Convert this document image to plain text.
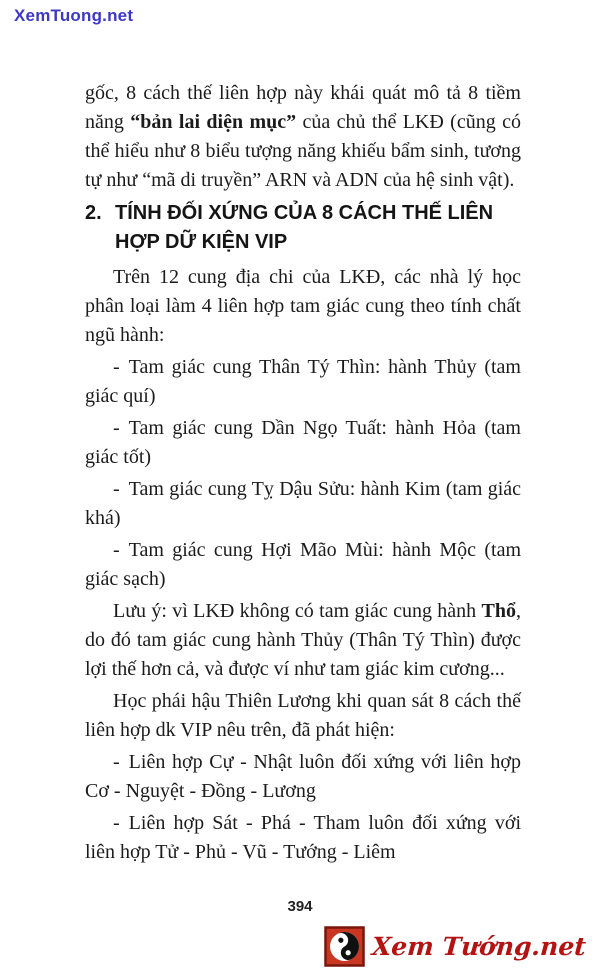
XemTuong.net

gốc, 8 cách thế liên hợp này khái quát mô tả 8 tiềm năng “bản lai diện mục” của chủ thể LKĐ (cũng có thể hiểu như 8 biểu tượng năng khiếu bẩm sinh, tương tự như “mã di truyền” ARN và ADN của hệ sinh vật).

2. TÍNH ĐỐI XỨNG CỦA 8 CÁCH THẾ LIÊN HỢP DỮ KIỆN VIP

Trên 12 cung địa chi của LKĐ, các nhà lý học phân loại làm 4 liên hợp tam giác cung theo tính chất ngũ hành:

- Tam giác cung Thân Tý Thìn: hành Thủy (tam giác quí)

- Tam giác cung Dần Ngọ Tuất: hành Hỏa (tam giác tốt)

- Tam giác cung Tỵ Dậu Sửu: hành Kim (tam giác khá)

- Tam giác cung Hợi Mão Mùi: hành Mộc (tam giác sạch)

Lưu ý: vì LKĐ không có tam giác cung hành Thổ, do đó tam giác cung hành Thủy (Thân Tý Thìn) được lợi thế hơn cả, và được ví như tam giác kim cương...

Học phái hậu Thiên Lương khi quan sát 8 cách thế liên hợp dk VIP nêu trên, đã phát hiện:

- Liên hợp Cự - Nhật luôn đối xứng với liên hợp Cơ - Nguyệt - Đồng - Lương

- Liên hợp Sát - Phá - Tham luôn đối xứng với liên hợp Tử - Phủ - Vũ - Tướng - Liêm

394
Xem Tướng.net
